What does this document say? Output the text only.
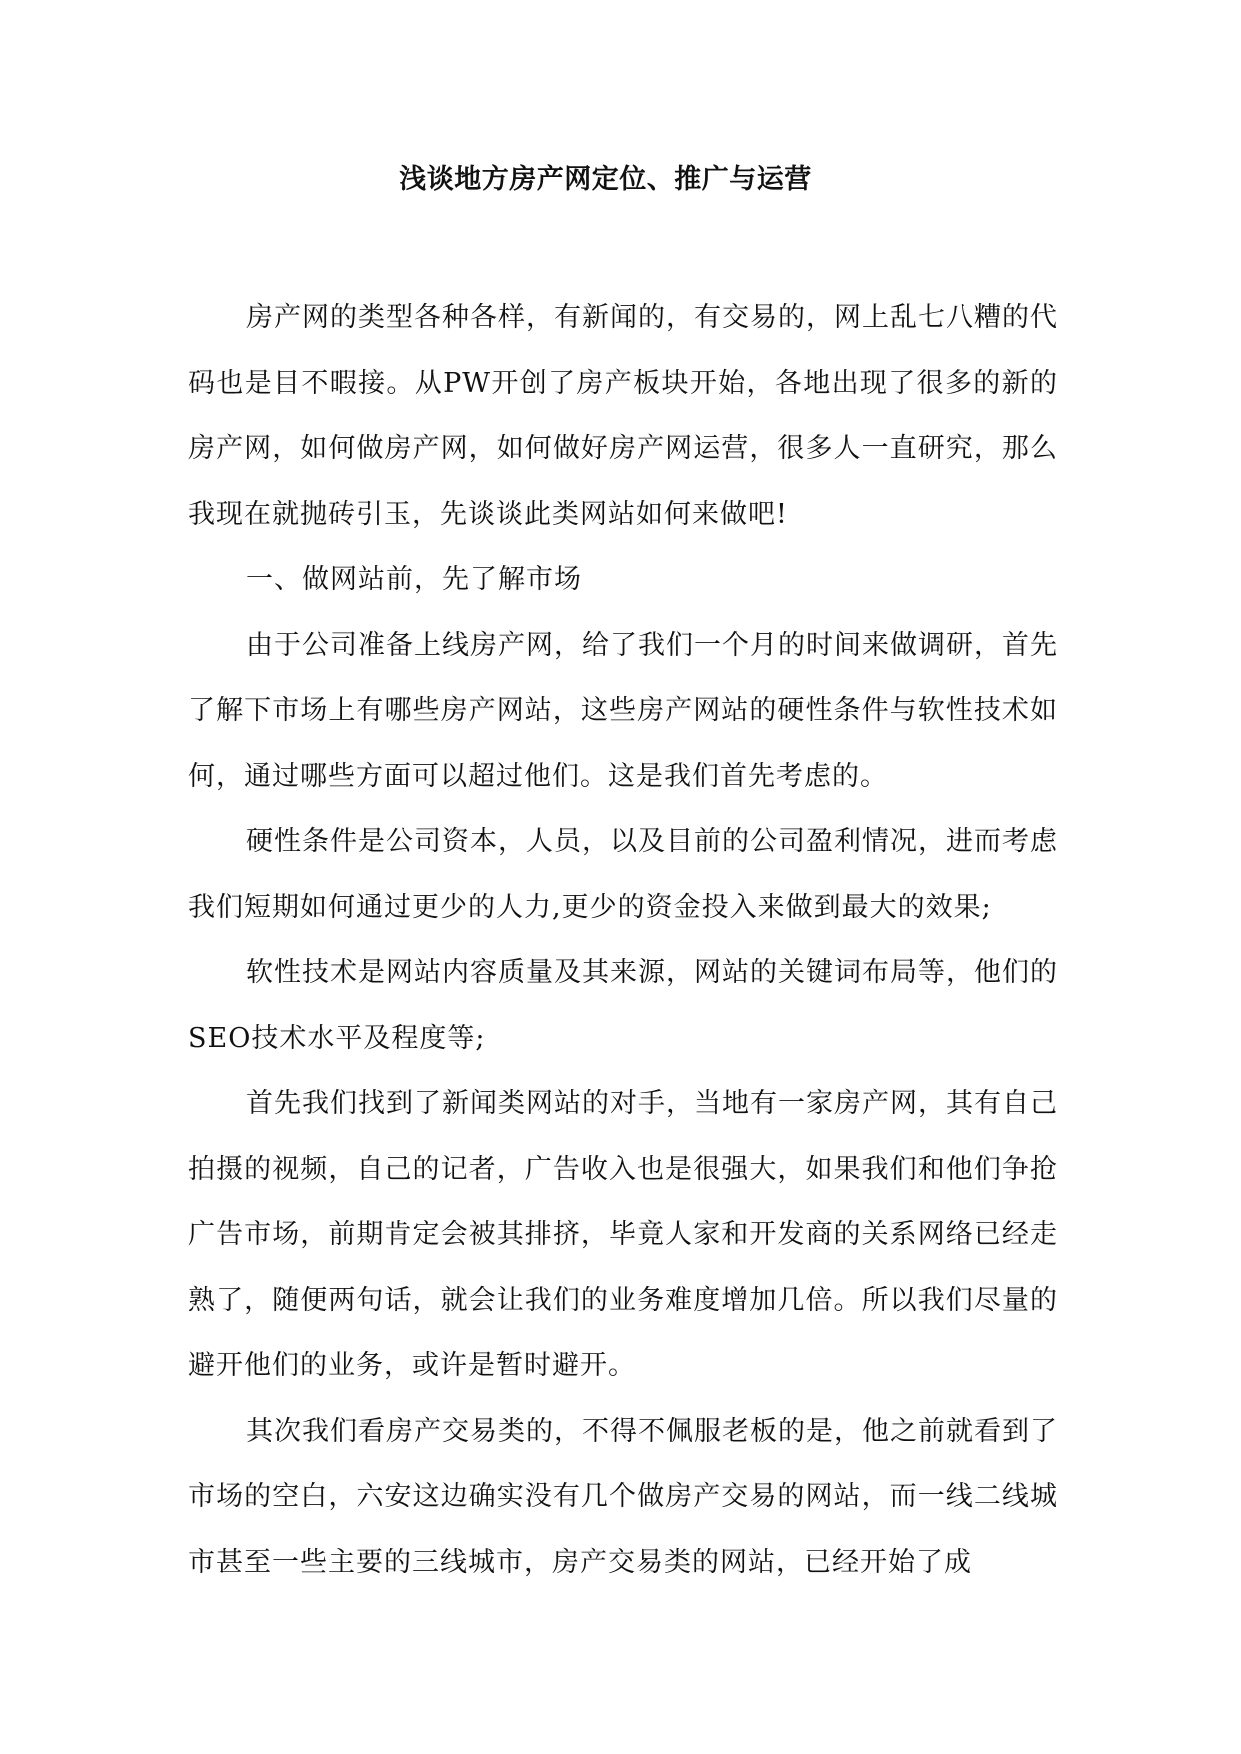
浅谈地方房产网定位、推广与运营

房产网的类型各种各样，有新闻的，有交易的，网上乱七八糟的代码也是目不暇接。从PW开创了房产板块开始，各地出现了很多的新的房产网，如何做房产网，如何做好房产网运营，很多人一直研究，那么我现在就抛砖引玉，先谈谈此类网站如何来做吧!

一、做网站前，先了解市场

由于公司准备上线房产网，给了我们一个月的时间来做调研，首先了解下市场上有哪些房产网站，这些房产网站的硬性条件与软性技术如何，通过哪些方面可以超过他们。这是我们首先考虑的。

硬性条件是公司资本，人员，以及目前的公司盈利情况，进而考虑我们短期如何通过更少的人力,更少的资金投入来做到最大的效果;

软性技术是网站内容质量及其来源，网站的关键词布局等，他们的SEO技术水平及程度等;

首先我们找到了新闻类网站的对手，当地有一家房产网，其有自己拍摄的视频，自己的记者，广告收入也是很强大，如果我们和他们争抢广告市场，前期肯定会被其排挤，毕竟人家和开发商的关系网络已经走熟了，随便两句话，就会让我们的业务难度增加几倍。所以我们尽量的避开他们的业务，或许是暂时避开。

其次我们看房产交易类的，不得不佩服老板的是，他之前就看到了市场的空白，六安这边确实没有几个做房产交易的网站，而一线二线城市甚至一些主要的三线城市，房产交易类的网站，已经开始了成
